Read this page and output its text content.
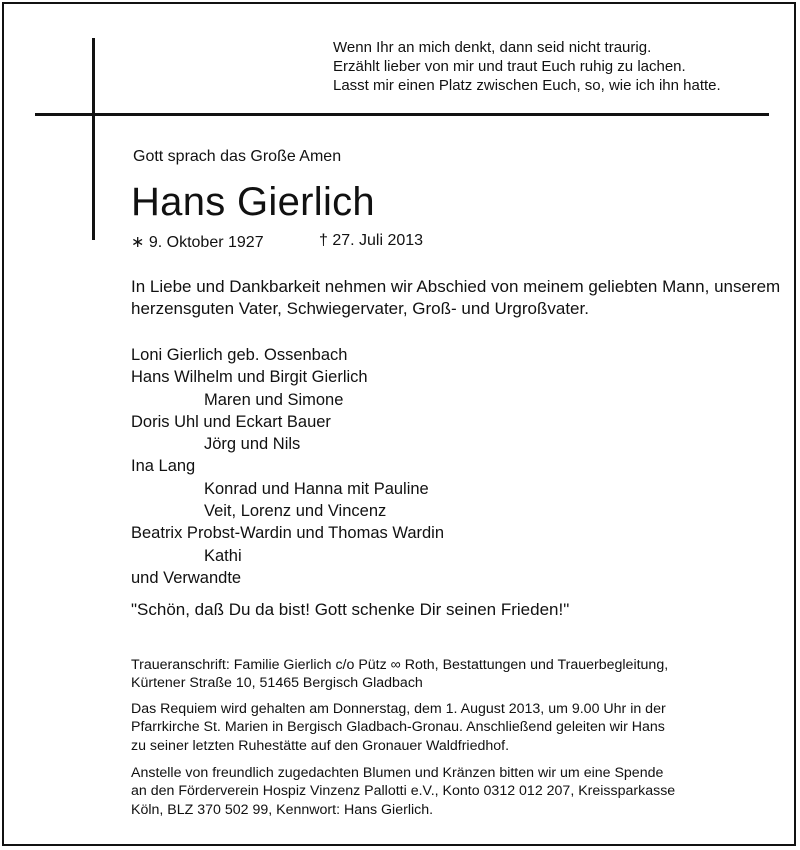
Wenn Ihr an mich denkt, dann seid nicht traurig.
Erzählt lieber von mir und traut Euch ruhig zu lachen.
Lasst mir einen Platz zwischen Euch, so, wie ich ihn hatte.
Gott sprach das Große Amen
Hans Gierlich
∗ 9. Oktober 1927	† 27. Juli 2013
In Liebe und Dankbarkeit nehmen wir Abschied von meinem geliebten Mann, unserem herzensguten Vater, Schwiegervater, Groß- und Urgroßvater.
Loni Gierlich geb. Ossenbach
Hans Wilhelm und Birgit Gierlich
Maren und Simone
Doris Uhl und Eckart Bauer
Jörg und Nils
Ina Lang
Konrad und Hanna mit Pauline
Veit, Lorenz und Vincenz
Beatrix Probst-Wardin und Thomas Wardin
Kathi
und Verwandte
"Schön, daß Du da bist! Gott schenke Dir seinen Frieden!"
Traueranschrift: Familie Gierlich c/o Pütz ∞ Roth, Bestattungen und Trauerbegleitung,
Kürtener Straße 10, 51465 Bergisch Gladbach
Das Requiem wird gehalten am Donnerstag, dem 1. August 2013, um 9.00 Uhr in der
Pfarrkirche St. Marien in Bergisch Gladbach-Gronau. Anschließend geleiten wir Hans
zu seiner letzten Ruhestätte auf den Gronauer Waldfriedhof.
Anstelle von freundlich zugedachten Blumen und Kränzen bitten wir um eine Spende
an den Förderverein Hospiz Vinzenz Pallotti e.V., Konto 0312 012 207, Kreissparkasse
Köln, BLZ 370 502 99, Kennwort: Hans Gierlich.
